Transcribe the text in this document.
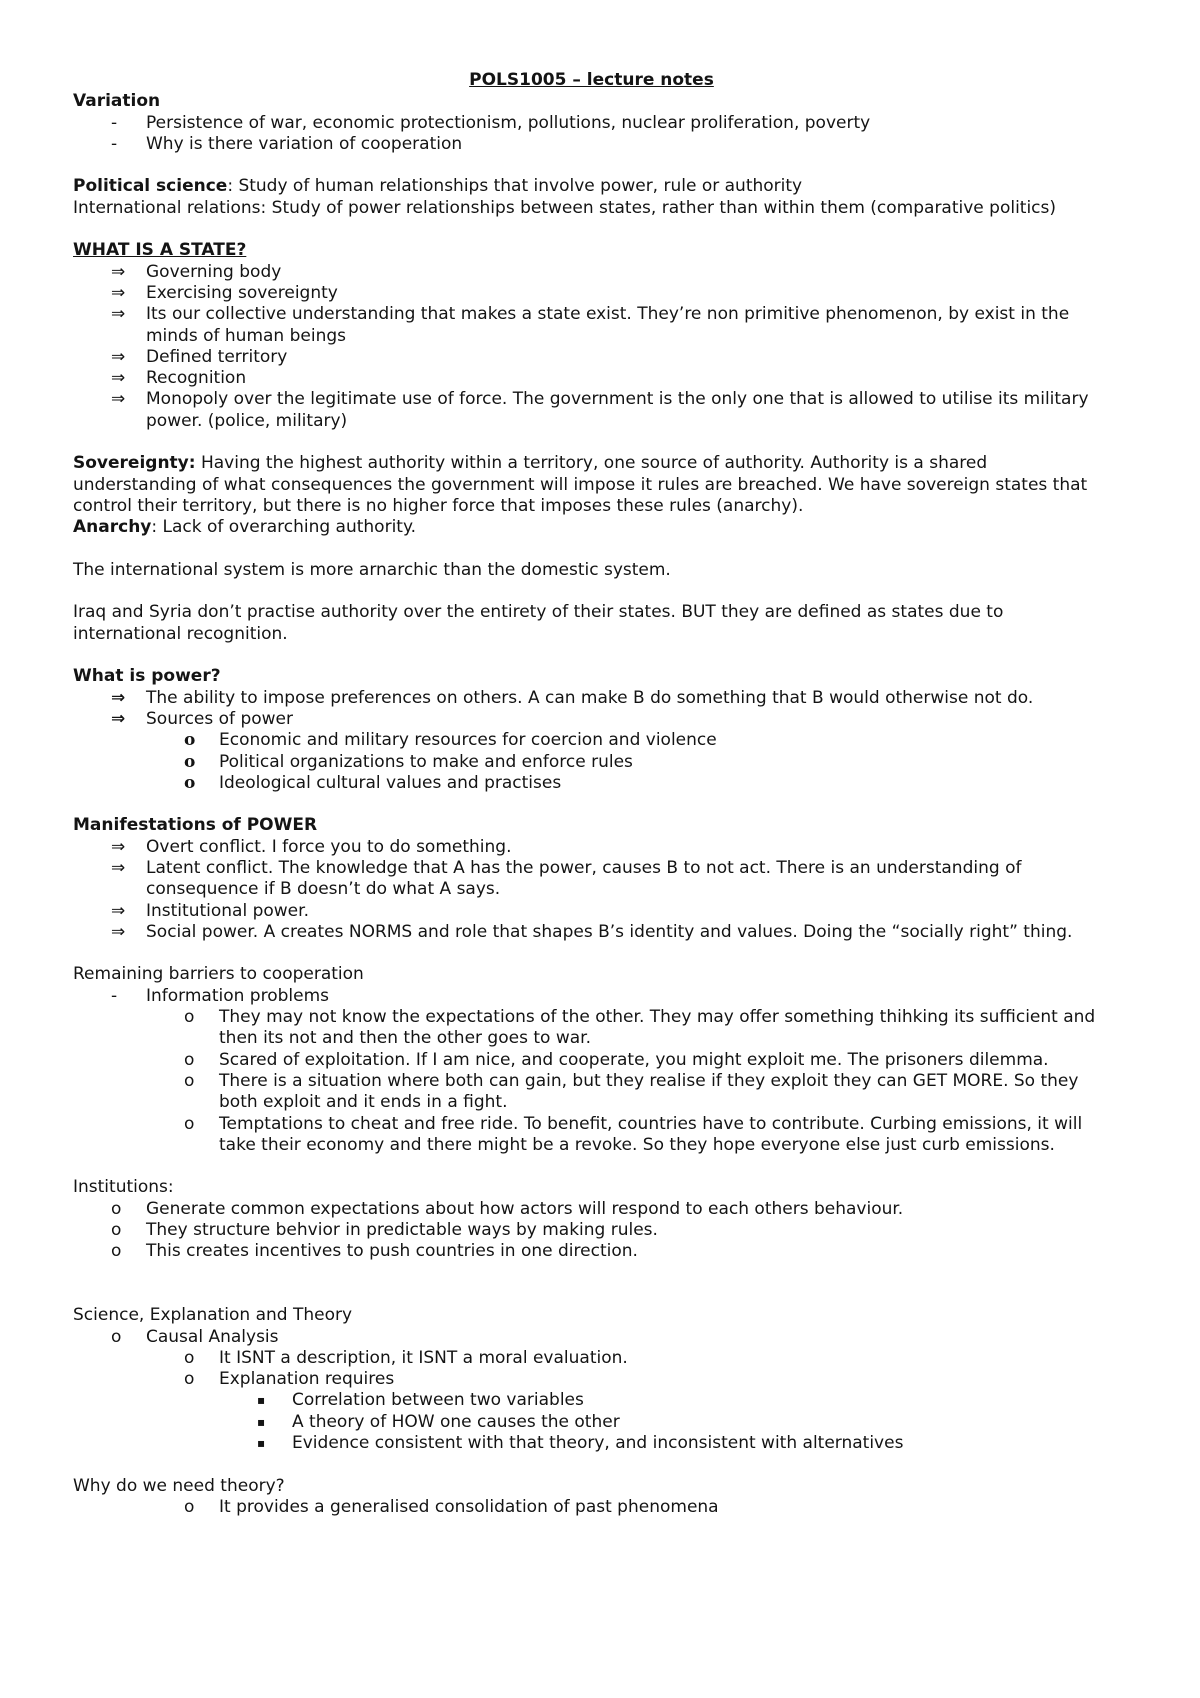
POLS1005 – lecture notes

Variation

- Persistence of war, economic protectionism, pollutions, nuclear proliferation, poverty
- Why is there variation of cooperation

Political science: Study of human relationships that involve power, rule or authority

International relations: Study of power relationships between states, rather than within them (comparative politics)

WHAT IS A STATE?

⇒ Governing body
⇒ Exercising sovereignty
⇒ Its our collective understanding that makes a state exist. They’re non primitive phenomenon, by exist in the minds of human beings
⇒ Defined territory
⇒ Recognition
⇒ Monopoly over the legitimate use of force. The government is the only one that is allowed to utilise its military power. (police, military)

Sovereignty: Having the highest authority within a territory, one source of authority. Authority is a shared understanding of what consequences the government will impose it rules are breached. We have sovereign states that control their territory, but there is no higher force that imposes these rules (anarchy).

Anarchy: Lack of overarching authority.

The international system is more arnarchic than the domestic system.

Iraq and Syria don’t practise authority over the entirety of their states. BUT they are defined as states due to international recognition.

What is power?

⇒ The ability to impose preferences on others. A can make B do something that B would otherwise not do.
⇒ Sources of power
o Economic and military resources for coercion and violence
o Political organizations to make and enforce rules
o Ideological cultural values and practises

Manifestations of POWER

⇒ Overt conflict. I force you to do something.
⇒ Latent conflict. The knowledge that A has the power, causes B to not act. There is an understanding of consequence if B doesn’t do what A says.
⇒ Institutional power.
⇒ Social power. A creates NORMS and role that shapes B’s identity and values. Doing the “socially right” thing.

Remaining barriers to cooperation

- Information problems
o They may not know the expectations of the other. They may offer something thihking its sufficient and then its not and then the other goes to war.
o Scared of exploitation. If I am nice, and cooperate, you might exploit me. The prisoners dilemma.
o There is a situation where both can gain, but they realise if they exploit they can GET MORE. So they both exploit and it ends in a fight.
o Temptations to cheat and free ride. To benefit, countries have to contribute. Curbing emissions, it will take their economy and there might be a revoke. So they hope everyone else just curb emissions.

Institutions:

o Generate common expectations about how actors will respond to each others behaviour.
o They structure behvior in predictable ways by making rules.
o This creates incentives to push countries in one direction.

Science, Explanation and Theory

o Causal Analysis
o It ISNT a description, it ISNT a moral evaluation.
o Explanation requires
▪ Correlation between two variables
▪ A theory of HOW one causes the other
▪ Evidence consistent with that theory, and inconsistent with alternatives

Why do we need theory?

o It provides a generalised consolidation of past phenomena
